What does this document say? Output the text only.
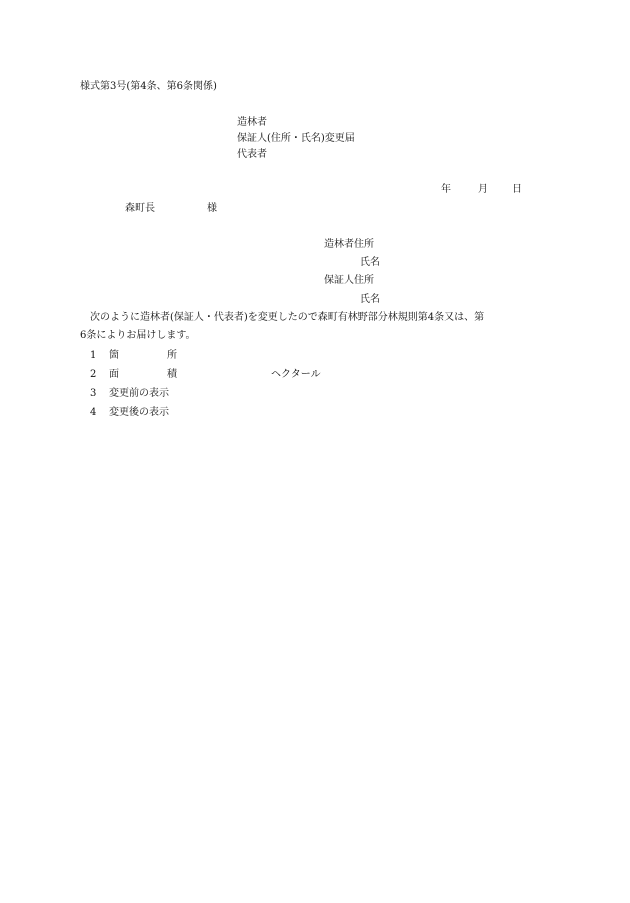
様式第3号(第4条、第6条関係)
造林者
保証人(住所・氏名)変更届
代表者
年	月 日
森町長	様
造林者住所
氏名
保証人住所
氏名
次のように造林者(保証人・代表者)を変更したので森町有林野部分林規則第4条又は、第
6条によりお届けします。
1 箇	所
2 面	積	ヘクタール
3 変更前の表示
4 変更後の表示
